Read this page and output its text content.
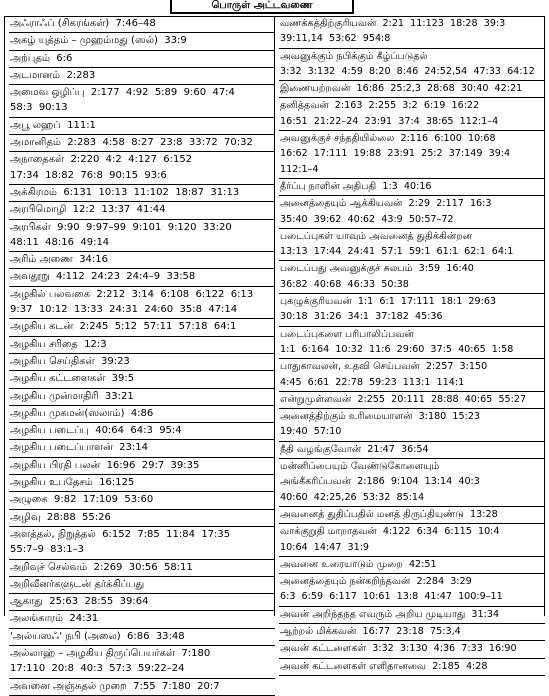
பொருள் அட்டவணை
அஃராஃப் (சிகரங்கள்)  7:46–48
அகழ் யுத்தம் – முஹம்மது (ஸல்)  33:9
அற்புதம்  6:6
அடமானம்  2:283
அமைவ ஒழிப்பு  2:177  4:92  5:89  9:60  47:4
58:3  90:13
அபூ லஹப்  111:1
அமானிதம்  2:283  4:58  8:27  23:8  33:72  70:32
அநாதைகள்  2:220  4:2  4:127  6:152
17:34  18:82  76:8  90:15  93:6
அக்கிரமம்  6:131  10:13  11:102  18:87  31:13
அரபிமொழி  12:2  13:37  41:44
அரபிகள்  9:90  9:97–99  9:101  9:120  33:20
48:11  48:16  49:14
அரிம் அணை  34:16
அவதூறு  4:112  24:23  24:4–9  33:58
அழகில் பலவகை  2:212  3:14  6:108  6:122  6:13
9:37  10:12  13:33  24:31  24:60  35:8  47:14
அழகிய கடன்  2:245  5:12  57:11  57:18  64:1
அழகிய சரிதை  12:3
அழகிய செய்திகள்  39:23
அழகிய கட்டளைகள்  39:5
அழகிய முன்மாதிரி  33:21
அழகிய முகமன்(ஸலாம்)  4:86
அழகிய படைப்பு  40:64  64:3  95:4
அழகிய படைப்பாளன்  23:14
அழகிய பிரதி பலன்  16:96  29:7  39:35
அழகிய உபதேசம்  16:125
அழுகை  9:82  17:109  53:60
அழிவு  28:88  55:26
அளத்தல், நிறுத்தல்  6:152  7:85  11:84  17:35
55:7–9  83:1–3
அறிவுச் செல்வம்  2:269  30:56  58:11
அறிவீனர்களுடன் தர்க்கிப்பது
ஆகாது  25:63  28:55  39:64
அலங்காரம்  24:31
'அல்யஸஃ' நபி (அலை)  6:86  33:48
அல்லாஹ் – அழகிய திருப்பெயர்கள்  7:180
17:110  20:8  40:3  57:3  59:22–24
அவனை அஞ்சுதல் முறை  7:55  7:180  20:7
வணக்கத்திற்குரியவன்  2:21  11:123  18:28  39:3
39:11,14  53:62  954:8
அவனுக்கும் நபிக்கும் கீழ்ப்படுதல்
3:32  3:132  4:59  8:20  8:46  24:52,54  47:33  64:12
இணையற்றவன்  16:86  25:2,3  28:68  30:40  42:21
தனித்தவன்  2:163  2:255  3:2  6:19  16:22
16:51  21:22–24  23:91  37:4  38:65  112:1–4
அவனுக்குச் சந்ததியில்லை  2:116  6:100  10:68
16:62  17:111  19:88  23:91  25:2  37:149  39:4  112:1–4
தீர்ப்பு நாளின் அதிபதி  1:3  40:16
அனைத்தையும் ஆக்கியவன்  2:29  2:117  16:3
35:40  39:62  40:62  43:9  50:57–72
படைப்புகள் யாவும் அவனைத் துதிக்கின்றன
13:13  17:44  24:41  57:1  59:1  61:1  62:1  64:1
படைப்பது அவனுக்குச் சுலபம்  3:59  16:40
36:82  40:68  46:33  50:38
புகழுக்குரியவன்  1:1  6:1  17:111  18:1  29:63
30:18  31:26  34:1  37:182  45:36
படைப்புகளை பரிபாலிப்பவன்
1:1  6:164  10:32  11:6  29:60  37:5  40:65  1:58
பாதுகாவலன், உதவி செய்பவன்  2:257  3:150
4:45  6:61  22:78  59:23  113:1  114:1
என்றுமுள்ளவன்  2:255  20:111  28:88  40:65  55:27
அனைத்திற்கும் உரிமையாளன்  3:180  15:23
19:40  57:10
நீதி வழங்குவோன்  21:47  36:54
மன்னிப்பையும் வேண்டுகோளையும்
அங்கீகரிப்பவன்  2:186  9:104  13:14  40:3
40:60  42:25,26  53:32  85:14
அவனைத் துதிப்பதில் மனத் திருப்தியுண்டு  13:28
வாக்குறுதி மாறாதவன்  4:122  6:34  6:115  10:4
10:64  14:47  31:9
அவனை உரையாடும் முறை  42:51
அனைத்தையும் நன்கறிந்தவன்  2:284  3:29
6:3  6:59  6:117  10:61  13:8  41:47  100:9–11
அவன் அறிந்தநத எவரும் அறிய முடியாது  31:34
ஆற்றல் மிக்கவன்  16:77  23:18  75:3,4
அவன் கட்டளைகள்  3:32  3:130  4:36  7:33  16:90
அவன் கட்டளைகள் எளிதானவை  2:185  4:28
